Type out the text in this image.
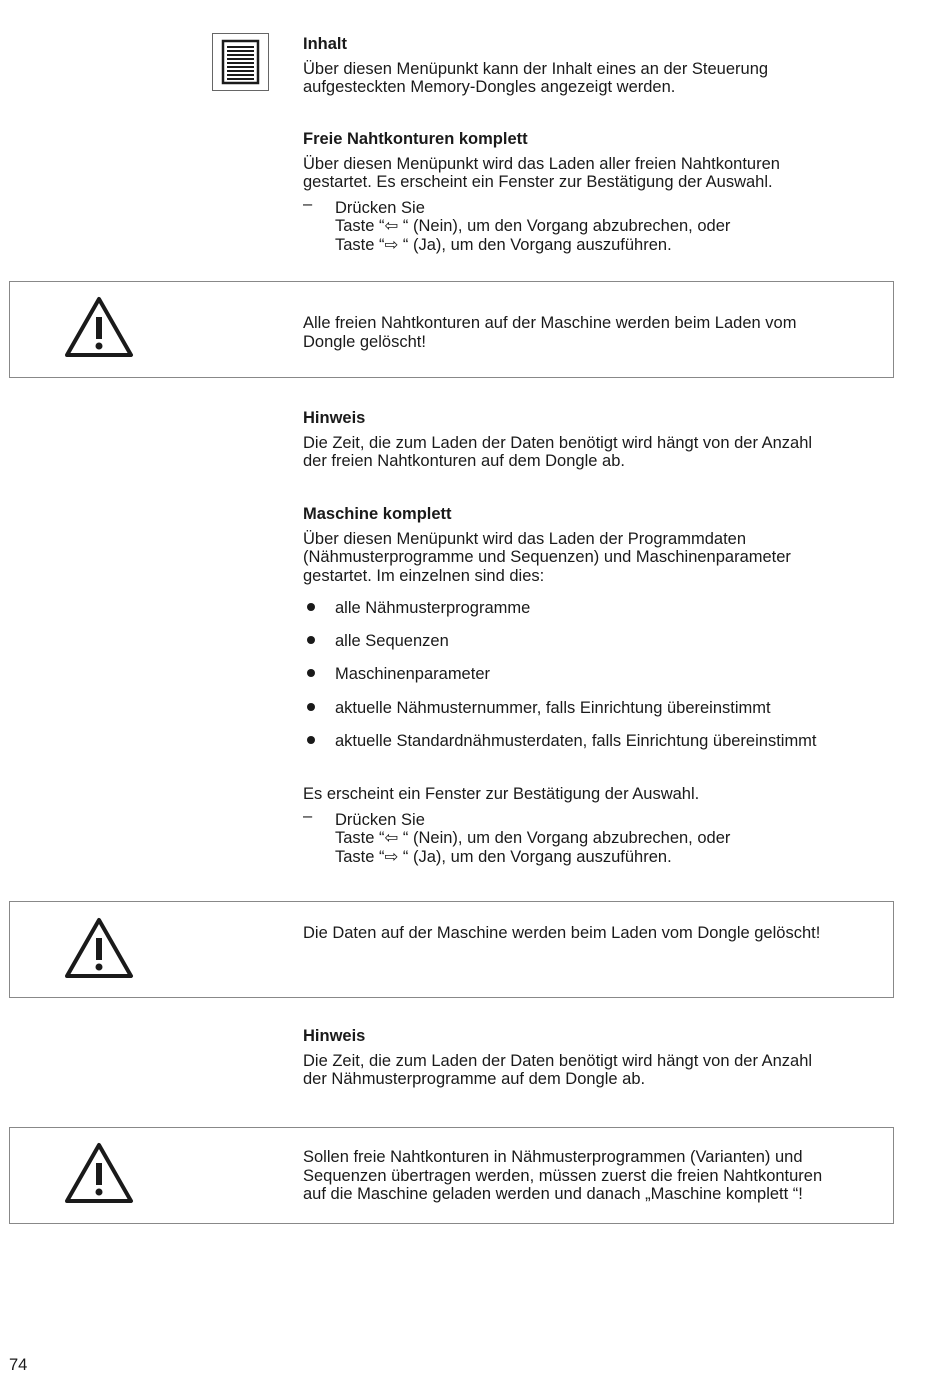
Inhalt

Über diesen Menüpunkt kann der Inhalt eines an der Steuerung

aufgesteckten Memory-Dongles angezeigt werden.

Freie Nahtkonturen komplett

Über diesen Menüpunkt wird das Laden aller freien Nahtkonturen

gestartet. Es erscheint ein Fenster zur Bestätigung der Auswahl.

– Drücken Sie

Taste “⇦ “ (Nein), um den Vorgang abzubrechen, oder

Taste “⇨ “ (Ja), um den Vorgang auszuführen.

Alle freien Nahtkonturen auf der Maschine werden beim Laden vom

Dongle gelöscht!

Hinweis

Die Zeit, die zum Laden der Daten benötigt wird hängt von der Anzahl

der freien Nahtkonturen auf dem Dongle ab.

Maschine komplett

Über diesen Menüpunkt wird das Laden der Programmdaten

(Nähmusterprogramme und Sequenzen) und Maschinenparameter

gestartet. Im einzelnen sind dies:

alle Nähmusterprogramme
alle Sequenzen
Maschinenparameter
aktuelle Nähmusternummer, falls Einrichtung übereinstimmt
aktuelle Standardnähmusterdaten, falls Einrichtung übereinstimmt

Es erscheint ein Fenster zur Bestätigung der Auswahl.

– Drücken Sie

Taste “⇦ “ (Nein), um den Vorgang abzubrechen, oder

Taste “⇨ “ (Ja), um den Vorgang auszuführen.

Die Daten auf der Maschine werden beim Laden vom Dongle gelöscht!

Hinweis

Die Zeit, die zum Laden der Daten benötigt wird hängt von der Anzahl

der Nähmusterprogramme auf dem Dongle ab.

Sollen freie Nahtkonturen in Nähmusterprogrammen (Varianten) und

Sequenzen übertragen werden, müssen zuerst die freien Nahtkonturen

auf die Maschine geladen werden und danach „Maschine komplett “!

74
